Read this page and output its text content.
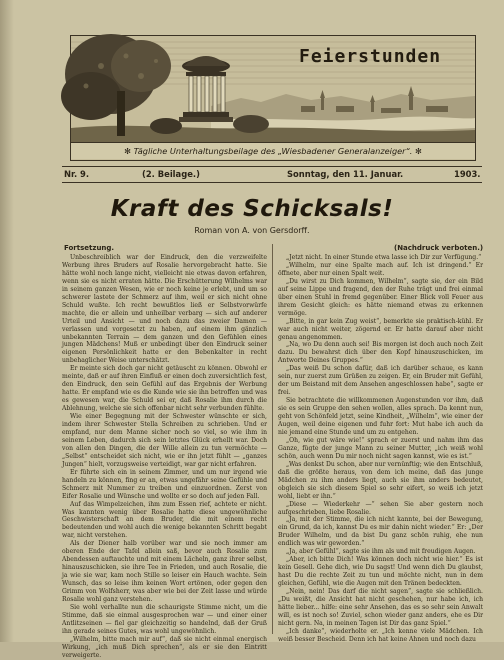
Feierstunden
✻ Tägliche Unterhaltungsbeilage des „Wiesbadener Generalanzeiger“. ✻
Nr. 9.	(2. Beilage.)	Sonntag, den 11. Januar.	1903.
Kraft des Schicksals!
Roman von A. von Gersdorff.
Fortsetzung.	(Nachdruck verboten.)

Unbeschreiblich war der Eindruck, den die verzweifelte Werbung ihres Bruders auf Rosalie hervorgebracht hatte. Sie hätte wohl noch lange nicht, vielleicht nie etwas davon erfahren, wenn sie es nicht erraten hätte. Die Erschütterung Wilhelms war in seinem ganzen Wesen, wie er noch keine je erlebt, und um so schwerer lastete der Schmerz auf ihm, weil er sich nicht ohne Schuld wußte. Ich recht bewußtlos ließ er Selbstvorwürfe machte, die er allein und unheilbar verbarg — sich auf anderer Urteil und Ansicht — und noch dazu das zweier Damen — verlassen und vorgesetzt zu haben, auf einem ihm gänzlich unbekannten Terrain — dem ganzen und den Gefühlen eines jungen Mädchens! Muß er unbedingt über den Eindruck seiner eigenen Persönlichkeit hatte er den Bebenkalter in recht unbehaglicher Weise unterschätzt.

Er meinte sich doch gar nicht getäuscht zu können. Obwohl er meinte, daß er auf ihren Einfluß er einen doch zuversichtlich fest, den Eindruck, den sein Gefühl auf das Ergebnis der Werbung hatte. Er empfand wie es die Kunde wie sie ihn betroffen und was es gewesen war, die Schuld sei er, daß Rosalie ihm durch die Ablehnung, welche sie sich offenbar nicht sehr verbunden fühlte.

Wie einer Begegnung mit der Schwester wünschte er sich, indem ihrer Schwester Stella Schreiben zu schrieben. Und er empfand, nur dem Manne sicher noch so viel, so wie ihm in seinem Leben, dadurch sich sein letztes Glück erhellt war. Doch von allen den Dingen, die der Wille allein zu tun vermöchte — „Selbst“ entscheidet sich nicht, wie er ihn jetzt fühlt — „ganzes Jungen“ hielt, vorzugsweise verteidigt, war gar nicht erfahren.

Er führte sich ein in seinem Zimmer, und um nur irgend wie handeln zu können, fing er an, etwas ungefähr seine Gefühle und Schmerz mit Nummer zu treiben und einzuordnen. Zerst von Eifer Rosalie und Wünsche und wollte er so doch auf jeden Fall.

Auf das Wimpelzeichen, ihm zum Essen rief, achtete er nicht. Was kannten wenig über Rosalie hatte diese ungewöhnliche Geschwisterschaft an dem Bruder, die mit einem recht bedeutenden und wohl auch die wenige bekannten Schritt begabt war, nicht verstehen.

Als der Diener halb vorüber war und sie noch immer am oberen Ende der Tafel allein saß, bevor auch Rosalie zum Abendessen auftauchte und mit einem Lächeln, ganz ihrer selbst, hinauszuschicken, sie ihre Tee in Frieden, und auch Rosalie, die ja wie sie war, kam noch Stille so leiser ein Hauch wachte. Sein Wunsch, das so leise ihm keinen Wort ertönen, oder gegen den Grimm von Wolfsherr, was aber wie bei der Zeit lasse und würde Rosalie wohl ganz verstehen.

Sie wohl verhallte nun die schaurigste Stimme nicht, um die Stimme, daß sie einmal ausgesprochen war — und einer einer Antlitzseinen — fiel gar gleichzeitig so handelnd, daß der Gruß ihn gerade seines Gutes, was wohl ungewöhnlich.

„Wilhelm, bitte mach mir auf“, daß sie nicht einmal energisch Wirkung, „ich muß Dich sprechen“, als er sie den Eintritt verweigerte.

„Jetzt nicht. In einer Stunde etwa lasse ich Dir zur Verfügung.“

„Wilhelm, nur eine Spalte mach auf. Ich ist dringend.“ Er öffnete, aber nur einen Spalt weit.

„Du wirst zu Dich kommen, Wilhelm“, sagte sie, der ein Bild auf seine Lippe und fragend, den der Ruhe trägt und frei einmal über einen Stuhl in fremd gegenüber. Einer Blick voll Feuer aus ihrem Gesicht gleich: es hätte niemand etwas zu erkennen vermöge.

„Bitte, in gar kein Zug weist“, bemerkte sie praktisch-kühl. Er war auch nicht weiter, zögernd er. Er hatte darauf aber nicht genau angenommen.

„Na, wo Du denn auch sei! Bis morgen ist doch auch noch Zeit dazu. Du bewahrst dich über den Kopf hinauszuschicken, im Antworte Deines Gruppes.“

„Das weiß Du schon dafür, daß ich darüber schaue, es kann sein, nur zuerst zum Grüßen zu zeigen. Er, ein Bruder mit Gefühl, der um Beistand mit dem Ansehen angeschlossen habe“, sagte er frei.

Sie betrachtete die willkommenen Augenstunden vor ihm, daß sie es sein Gruppe den sehen wollen, alles sprach. Da kennt nun, geht von Schönfeld jetzt, seine Kindheit, „Wilhelm“, wie einer der Augen, weil deine eigenen und fuhr fort: Mut habe ich auch da nie jemand eine Stunde und um zu entgehen.

„Oh, wie gut wäre wie!“ sprach er zuerst und nahm ihm das Ganze, fügte der junge Mann zu seiner Mutter, „ich weiß wohl schön, auch wenn Du mir noch nicht sagen kannst, wie es ist.“

„Was denkst Du schon, aber nur vernünftig; wie den Entschluß, daß die größte heraus, von dem ich meine, daß das junge Mädchen zu ihm anders liegt, auch sie ihm anders bedeutet, obgleich sie sich diesem Spiel so sehr eifert, so weiß ich jetzt wohl, liebt er ihn.“

„Diese — Wiederkehr —“ sehen Sie aber gestern noch aufgeschrieben, liebe Rosalie.

„Ja, mit der Stimme, die ich nicht kannte, bei der Bewegung, ein Grund, da ich, kannst Du es mir dahin nicht wieder.“ Er: „Der Bruder Wilhelm, und da bist Du ganz schön ruhig, ehe nun endlich was wir geworden.“

„Ja, aber Gefühl“, sagte sie ihm als und mit freudigen Augen.

„Aber, ich bitte Dich! Was können doch nicht wie hier.“ Es ist kein Gesell. Gehe dich, wie Du sagst! Und wenn dich Du glaubst, hast Du die rechte Zeit zu tun und möchte nicht, nun in dem gleichen, Gefühl, wie die Augen mit den Tränen bedeckten.

„Nein, nein! Das darf die nicht sagen“, sagte sie schließlich. „Du weißt, die Ansicht hat nicht geschehen, nur habe ich, ich hätte lieber... hilfe: eine sehr Ansehen, das es so sehr sein Anwalt will, es ist noch so! Zuviel, schon wieder ganz anders, ehe es Dir nicht gern. Na, in meinen Tagen ist Dir das ganz Spiel.“

„Ich danke“, wiederholte er. „Ich kenne viele Mädchen. Ich weiß besser Bescheid. Denn ich hat keine Ahnen und noch dazu
